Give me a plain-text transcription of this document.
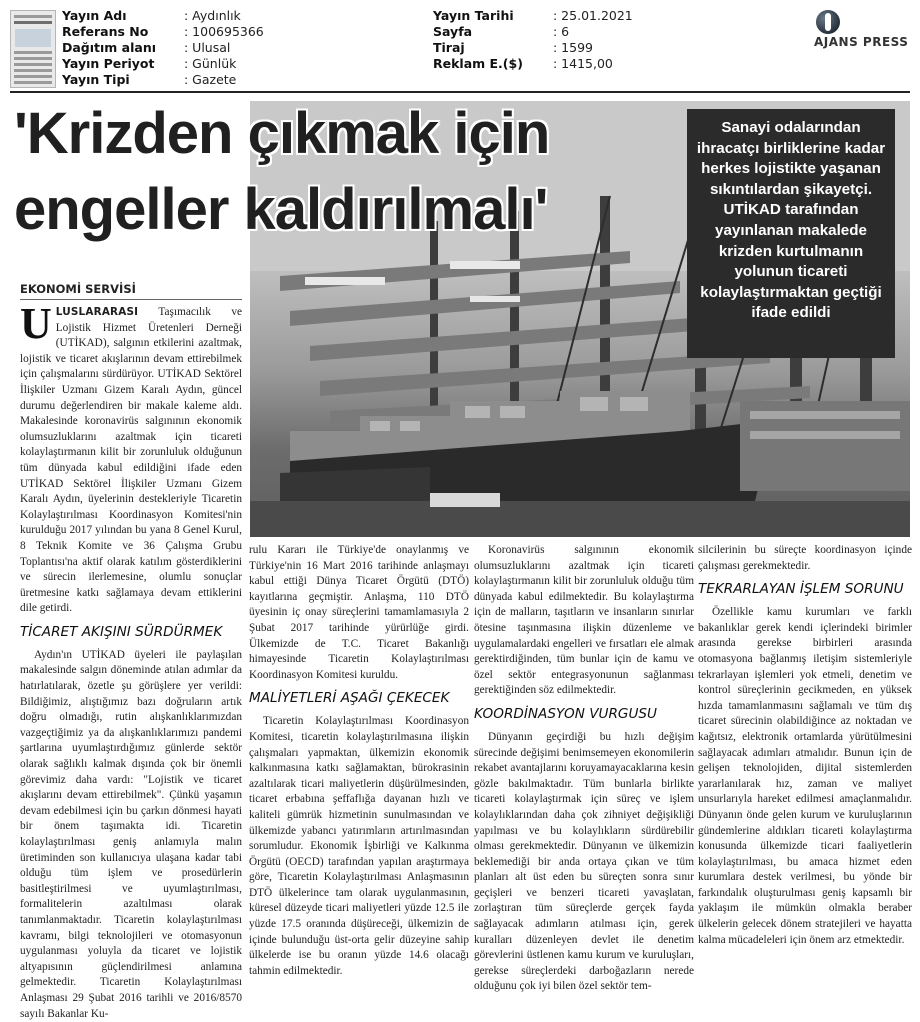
Yayın Adı	: Aydınlık
Referans No	: 100695366
Dağıtım alanı	: Ulusal
Yayın Periyot	: Günlük
Yayın Tipi	: Gazete
Yayın Tarihi	: 25.01.2021
Sayfa	: 6
Tiraj	: 1599
Reklam E.($)	: 1415,00
AJANS PRESS
'Krizden çıkmak için
engeller kaldırılmalı'
Sanayi odalarından ihracatçı birliklerine kadar herkes lojistikte yaşanan sıkıntılardan şikayetçi. UTİKAD tarafından yayınlanan makalede krizden kurtulmanın yolunun ticareti kolaylaştırmaktan geçtiği ifade edildi
EKONOMİ SERVİSİ

ULUSLARARASI Taşımacılık ve Lojistik Hizmet Üretenleri Derneği (UTİKAD), salgının etkilerini azaltmak, lojistik ve ticaret akışlarının devam ettirebilmek için çalışmalarını sürdürüyor. UTİKAD Sektörel İlişkiler Uzmanı Gizem Karalı Aydın, güncel durumu değerlendiren bir makale kaleme aldı. Makalesinde koronavirüs salgınının ekonomik olumsuzluklarını azaltmak için ticareti kolaylaştırmanın kilit bir zorunluluk olduğunun tüm dünyada kabul edildiğini ifade eden UTİKAD Sektörel İlişkiler Uzmanı Gizem Karalı Aydın, üyelerinin destekleriyle Ticaretin Kolaylaştırılması Koordinasyon Komitesi'nin kurulduğu 2017 yılından bu yana 8 Genel Kurul, 8 Teknik Komite ve 36 Çalışma Grubu Toplantısı'na aktif olarak katılım gösterdiklerini ve sürecin ilerlemesine, olumlu sonuçlar üretmesine katkı sağlamaya devam ettiklerini dile getirdi.

TİCARET AKIŞINI SÜRDÜRMEK

Aydın'ın UTİKAD üyeleri ile paylaşılan makalesinde salgın döneminde atılan adımlar da hatırlatılarak, özetle şu görüşlere yer verildi: Bildiğimiz, alıştığımız bazı doğruların artık doğru olmadığı, rutin alışkanlıklarımızdan vazgeçtiğimiz ya da alışkanlıklarımızı pandemi şartlarına uyumlaştırdığımız günlerde sektör olarak sağlıklı kalmak dışında çok bir önemli görevimiz daha vardı: "Lojistik ve ticaret akışlarını devam ettirebilmek". Çünkü yaşamın devam edebilmesi için bu çarkın dönmesi hayati bir önem taşımakta idi. Ticaretin kolaylaştırılması geniş anlamıyla malın üretiminden son kullanıcıya ulaşana kadar tabi olduğu tüm işlem ve prosedürlerin basitleştirilmesi ve uyumlaştırılması, formalitelerin azaltılması olarak tanımlanmaktadır. Ticaretin kolaylaştırılması kavramı, bilgi teknolojileri ve otomasyonun uygulanması yoluyla da ticaret ve lojistik altyapısının güçlendirilmesi anlamına gelmektedir. Ticaretin Kolaylaştırılması Anlaşması 29 Şubat 2016 tarihli ve 2016/8570 sayılı Bakanlar Ku-

rulu Kararı ile Türkiye'de onaylanmış ve Türkiye'nin 16 Mart 2016 tarihinde anlaşmayı kabul ettiği Dünya Ticaret Örgütü (DTÖ) kayıtlarına geçmiştir. Anlaşma, 110 DTÖ üyesinin iç onay süreçlerini tamamlamasıyla 2 Şubat 2017 tarihinde yürürlüğe girdi. Ülkemizde de T.C. Ticaret Bakanlığı himayesinde Ticaretin Kolaylaştırılması Koordinasyon Komitesi kuruldu.

MALİYETLERİ AŞAĞI ÇEKECEK

Ticaretin Kolaylaştırılması Koordinasyon Komitesi, ticaretin kolaylaştırılmasına ilişkin çalışmaları yapmaktan, ülkemizin ekonomik kalkınmasına katkı sağlamaktan, bürokrasinin azaltılarak ticari maliyetlerin düşürülmesinden, ticaret erbabına şeffaflığa dayanan hızlı ve kaliteli gümrük hizmetinin sunulmasından ve ülkemizde yabancı yatırımların artırılmasından sorumludur. Ekonomik İşbirliği ve Kalkınma Örgütü (OECD) tarafından yapılan araştırmaya göre, Ticaretin Kolaylaştırılması Anlaşmasının DTÖ ülkelerince tam olarak uygulanmasının, küresel düzeyde ticari maliyetleri yüzde 12.5 ile yüzde 17.5 oranında düşüreceği, ülkemizin de içinde bulunduğu üst-orta gelir düzeyine sahip ülkelerde ise bu oranın yüzde 14.6 olacağı tahmin edilmektedir.

Koronavirüs salgınının ekonomik olumsuzluklarını azaltmak için ticareti kolaylaştırmanın kilit bir zorunluluk olduğu tüm dünyada kabul edilmektedir. Bu kolaylaştırma için de malların, taşıtların ve insanların sınırlar ötesine taşınmasına ilişkin düzenleme ve uygulamalardaki engelleri ve fırsatları ele almak gerektirdiğinden, tüm bunlar için de kamu ve özel sektör entegrasyonunun sağlanması gerektiğinden söz edilmektedir.

KOORDİNASYON VURGUSU

Dünyanın geçirdiği bu hızlı değişim sürecinde değişimi benimsemeyen ekonomilerin rekabet avantajlarını koruyamayacaklarına kesin gözle bakılmaktadır. Tüm bunlarla birlikte ticareti kolaylaştırmak için süreç ve işlem kolaylıklarından daha çok zihniyet değişikliği yapılması ve bu kolaylıkların sürdürebilir olması gerekmektedir. Dünyanın ve ülkemizin beklemediği bir anda ortaya çıkan ve tüm planları alt üst eden bu süreçten sonra sınır geçişleri ve benzeri ticareti yavaşlatan, zorlaştıran tüm süreçlerde gerçek fayda sağlayacak adımların atılması için, gerek kuralları düzenleyen devlet ile denetim görevlerini üstlenen kamu kurum ve kuruluşları, gerekse süreçlerdeki darboğazların nerede olduğunu çok iyi bilen özel sektör tem-

silcilerinin bu süreçte koordinasyon içinde çalışması gerekmektedir.

TEKRARLAYAN İŞLEM SORUNU

Özellikle kamu kurumları ve farklı bakanlıklar gerek kendi içlerindeki birimler arasında gerekse birbirleri arasında otomasyona bağlanmış iletişim sistemleriyle tekrarlayan işlemleri yok etmeli, denetim ve kontrol süreçlerinin gecikmeden, en yüksek hızda tamamlanmasını sağlamalı ve tüm dış ticaret sürecinin olabildiğince az noktadan ve kağıtsız, elektronik ortamlarda yürütülmesini sağlayacak adımları atmalıdır. Bunun için de gelişen teknolojiden, dijital sistemlerden yararlanılarak hız, zaman ve maliyet unsurlarıyla hareket edilmesi amaçlanmalıdır. Dünyanın önde gelen kurum ve kuruluşlarının gündemlerine aldıkları ticareti kolaylaştırma konusunda ülkemizde ticari faaliyetlerin kolaylaştırılması, bu amaca hizmet eden kurumlara destek verilmesi, bu yönde bir farkındalık oluşturulması geniş kapsamlı bir yaklaşım ile mümkün olmakla beraber ülkelerin gelecek dönem stratejileri ve hayatta kalma mücadeleleri için önem arz etmektedir.
